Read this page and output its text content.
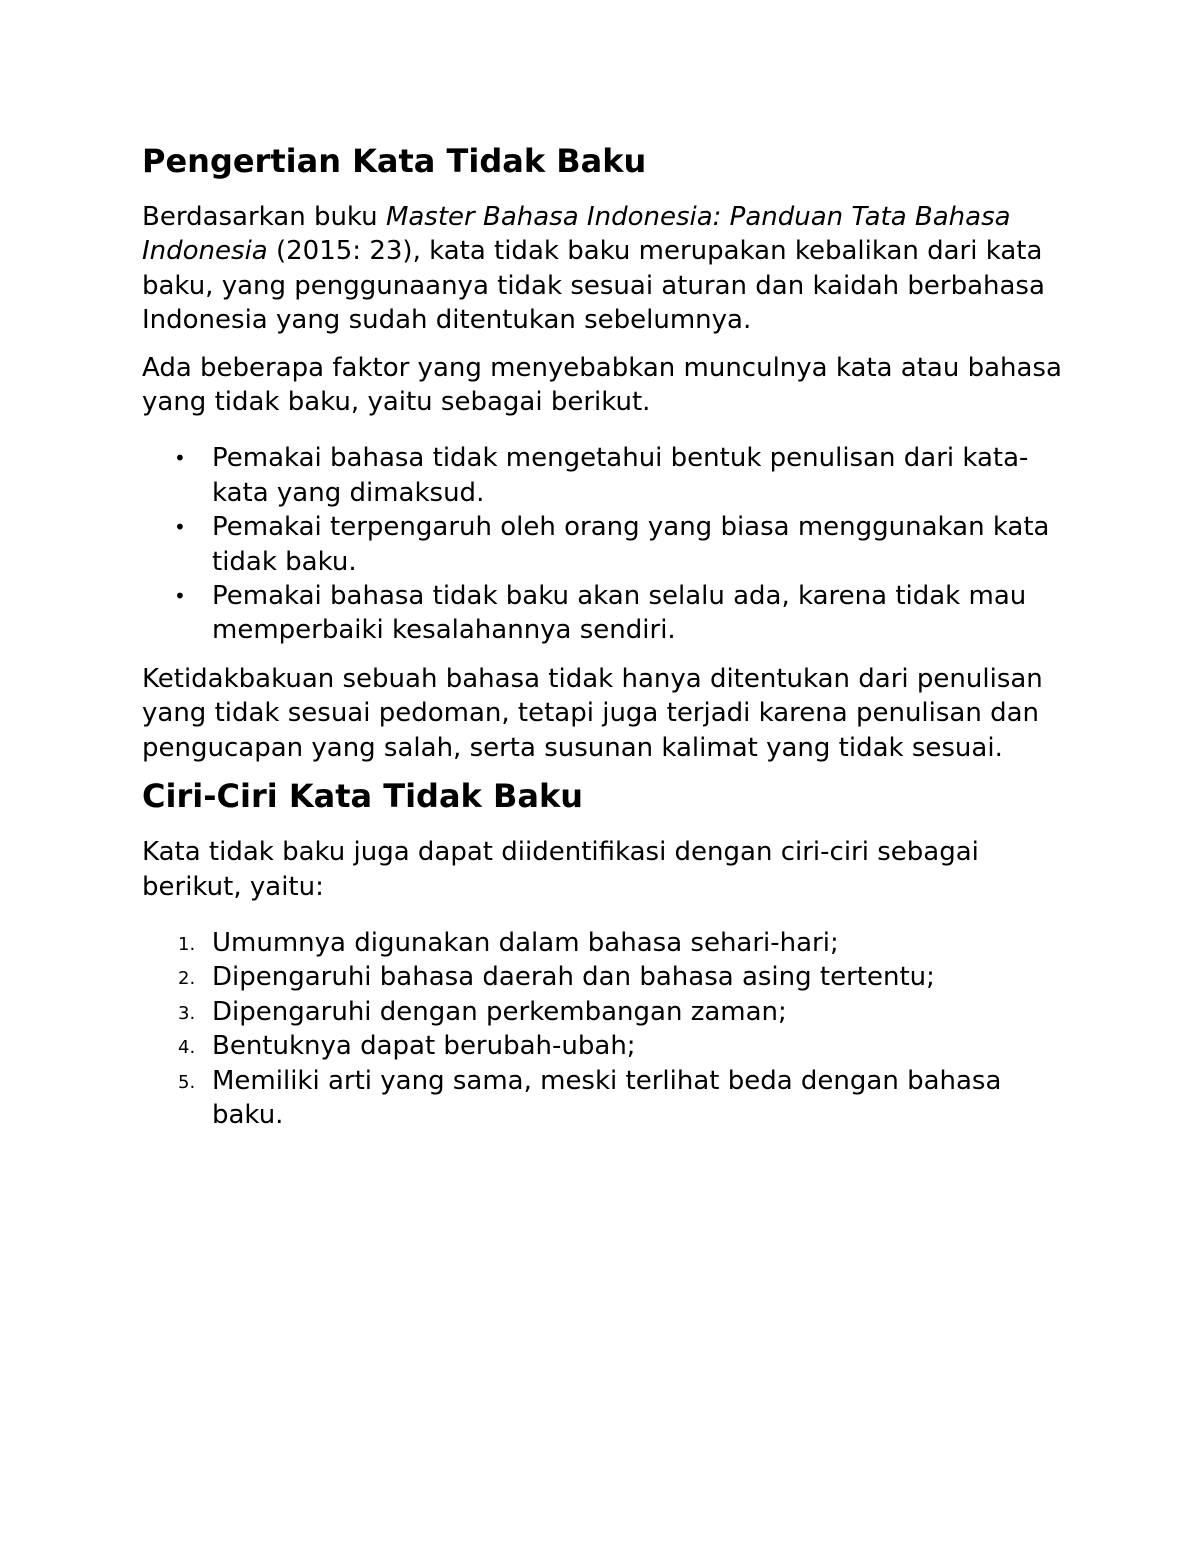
Pengertian Kata Tidak Baku

Berdasarkan buku Master Bahasa Indonesia: Panduan Tata Bahasa Indonesia (2015: 23), kata tidak baku merupakan kebalikan dari kata baku, yang penggunaanya tidak sesuai aturan dan kaidah berbahasa Indonesia yang sudah ditentukan sebelumnya.

Ada beberapa faktor yang menyebabkan munculnya kata atau bahasa yang tidak baku, yaitu sebagai berikut.

• Pemakai bahasa tidak mengetahui bentuk penulisan dari kata-kata yang dimaksud.
• Pemakai terpengaruh oleh orang yang biasa menggunakan kata tidak baku.
• Pemakai bahasa tidak baku akan selalu ada, karena tidak mau memperbaiki kesalahannya sendiri.

Ketidakbakuan sebuah bahasa tidak hanya ditentukan dari penulisan yang tidak sesuai pedoman, tetapi juga terjadi karena penulisan dan pengucapan yang salah, serta susunan kalimat yang tidak sesuai.

Ciri-Ciri Kata Tidak Baku

Kata tidak baku juga dapat diidentifikasi dengan ciri-ciri sebagai berikut, yaitu:

1. Umumnya digunakan dalam bahasa sehari-hari;
2. Dipengaruhi bahasa daerah dan bahasa asing tertentu;
3. Dipengaruhi dengan perkembangan zaman;
4. Bentuknya dapat berubah-ubah;
5. Memiliki arti yang sama, meski terlihat beda dengan bahasa baku.
